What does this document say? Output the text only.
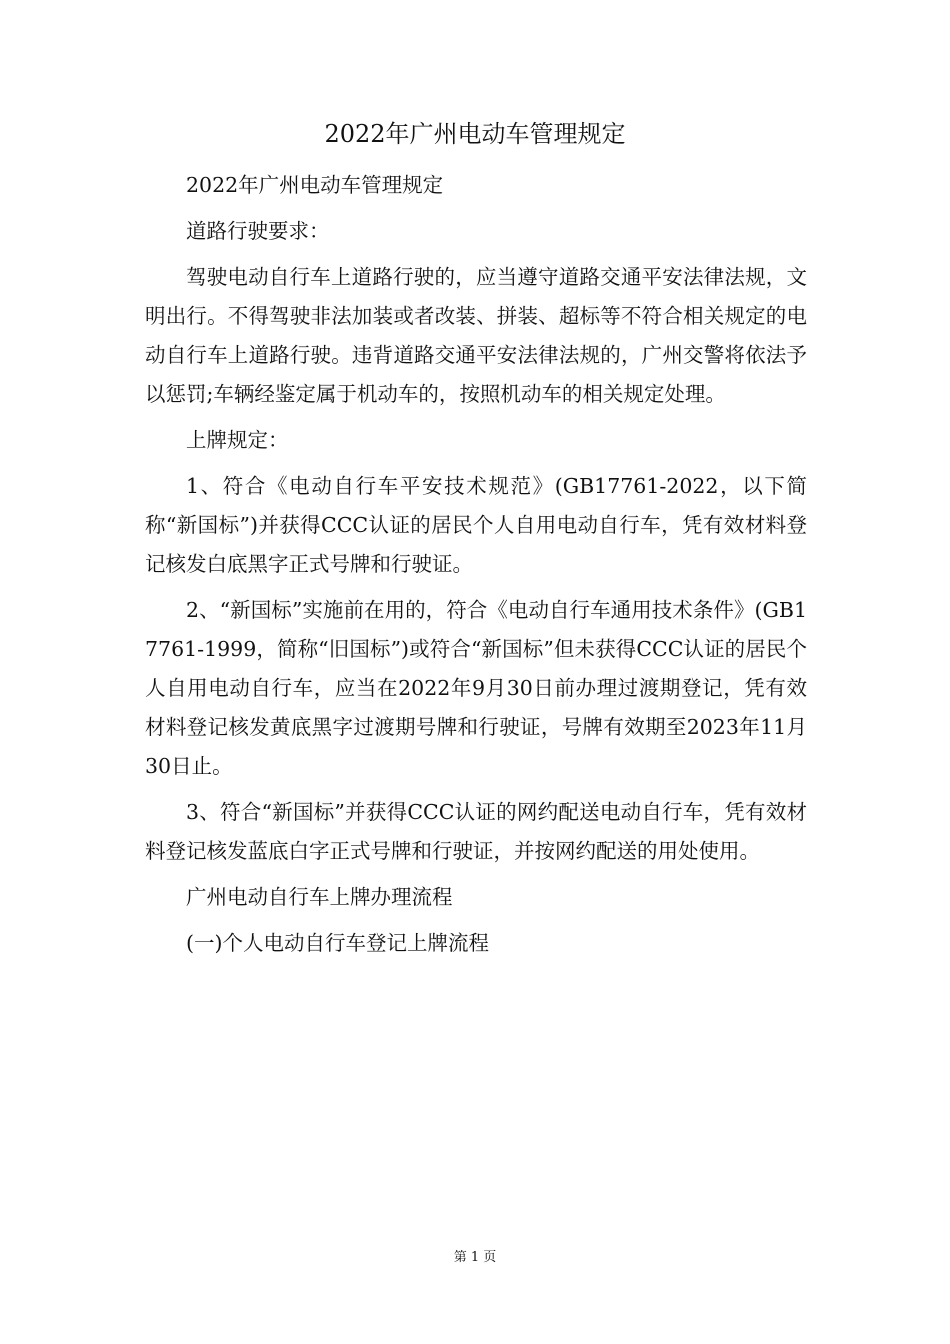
2022年广州电动车管理规定

2022年广州电动车管理规定

道路行驶要求：

驾驶电动自行车上道路行驶的，应当遵守道路交通平安法律法规，文明出行。不得驾驶非法加装或者改装、拼装、超标等不符合相关规定的电动自行车上道路行驶。违背道路交通平安法律法规的，广州交警将依法予以惩罚;车辆经鉴定属于机动车的，按照机动车的相关规定处理。

上牌规定：

1、符合《电动自行车平安技术规范》(GB17761-2022，以下简称“新国标”)并获得CCC认证的居民个人自用电动自行车，凭有效材料登记核发白底黑字正式号牌和行驶证。

2、“新国标”实施前在用的，符合《电动自行车通用技术条件》(GB17761-1999，简称“旧国标”)或符合“新国标”但未获得CCC认证的居民个人自用电动自行车，应当在2022年9月30日前办理过渡期登记，凭有效材料登记核发黄底黑字过渡期号牌和行驶证，号牌有效期至2023年11月30日止。

3、符合“新国标”并获得CCC认证的网约配送电动自行车，凭有效材料登记核发蓝底白字正式号牌和行驶证，并按网约配送的用处使用。

广州电动自行车上牌办理流程

(一)个人电动自行车登记上牌流程

第 1 页
